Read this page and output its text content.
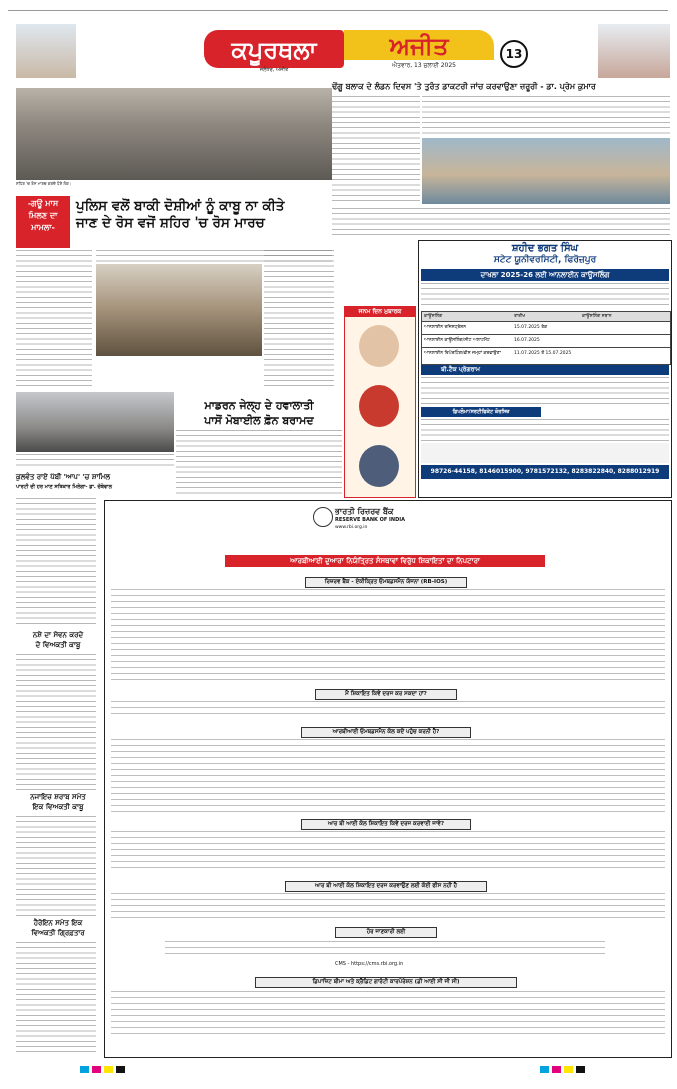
ਕਪੂਰਥਲਾ	ਅਜੀਤ
ਜਲੰਧਰ, ਅਜੀਤ
ਐਤਵਾਰ, 13 ਜੁਲਾਈ 2025
13
ਢੋਂਗੂ ਬਲਾਕ ਦੇ ਲੰਡਨ ਦਿਵਸ 'ਤੇ ਤੁਰੰਤ ਡਾਕਟਰੀ ਜਾਂਚ ਕਰਵਾਉਣਾ ਜ਼ਰੂਰੀ - ਡਾ. ਪ੍ਰੇਮ ਕੁਮਾਰ
ਸ਼ਹਿਰ 'ਚ ਰੋਸ ਮਾਰਚ ਕਰਦੇ ਹੋਏ ਲੋਕ।
-ਗਊ ਮਾਸ ਮਿਲਣ ਦਾ ਮਾਮਲਾ-
ਪੁਲਿਸ ਵਲੋਂ ਬਾਕੀ ਦੋਸ਼ੀਆਂ ਨੂੰ ਕਾਬੂ ਨਾ ਕੀਤੇ
ਜਾਣ ਦੇ ਰੋਸ ਵਜੋਂ ਸ਼ਹਿਰ 'ਚ ਰੋਸ ਮਾਰਚ
ਜਨਮ ਦਿਨ ਮੁਬਾਰਕ
ਮਾਡਰਨ ਜੇਲ੍ਹ ਦੇ ਹਵਾਲਾਤੀ
ਪਾਸੋਂ ਮੋਬਾਈਲ ਫ਼ੋਨ ਬਰਾਮਦ
ਕੁਲਵੰਤ ਰਾਏ ਪੱਬੀ 'ਆਪ' 'ਚ ਸ਼ਾਮਿਲ
ਪਾਰਟੀ ਦੀ ਹਰ ਮਾਣ ਸਤਿਕਾਰ ਮਿਲੇਗਾ- ਡਾ. ਚੱਬੇਵਾਲ
ਸ਼ਹੀਦ ਭਗਤ ਸਿੰਘ
ਸਟੇਟ ਯੂਨੀਵਰਸਿਟੀ, ਫਿਰੋਜ਼ਪੁਰ
ਦਾਖਲਾ 2025-26 ਲਈ ਆਨਲਾਈਨ ਕਾਊਂਸਲਿੰਗ
ਕਾਊਂਸਲਿੰਗ	ਤਾਰੀਖ	ਕਾਊਂਸਲਿੰਗ ਸਥਾਨ
ਆਨਲਾਈਨ ਰਜਿਸਟ੍ਰੇਸ਼ਨ	15.07.2025 ਤੱਕ
ਆਨਲਾਈਨ ਕਾਊਂਸਲਿੰਗ/ਸੀਟ ਅਲਾਟਮੈਂਟ	16.07.2025
ਆਨਲਾਈਨ ਰਿਪੋਰਟਿੰਗ/ਫੀਸ ਜਮ੍ਹਾਂ ਕਰਵਾਉਣਾ	11.07.2025 ਤੋਂ 15.07.2025
ਬੀ.ਟੈਕ ਪ੍ਰੋਗਰਾਮ
ਡਿਪਲੋਮਾ/ਸਰਟੀਫਿਕੇਟ ਕੋਰਸਿਜ਼
98726-44158, 8146015900, 9781572132, 8283822840, 8288012919
ਨਸ਼ੇ ਦਾ ਸੇਵਨ ਕਰਦੇ
ਦੋ ਵਿਅਕਤੀ ਕਾਬੂ
ਨਜਾਇਜ਼ ਸ਼ਰਾਬ ਸਮੇਤ
ਇਕ ਵਿਅਕਤੀ ਕਾਬੂ
ਹੈਰੋਇਨ ਸਮੇਤ ਇਕ
ਵਿਅਕਤੀ ਗ੍ਰਿਫ਼ਤਾਰ
ਭਾਰਤੀ ਰਿਜ਼ਰਵ ਬੈਂਕ
RESERVE BANK OF INDIA
www.rbi.org.in
ਆਰਬੀਆਈ ਦੁਆਰਾ ਨਿਯੰਤ੍ਰਿਤ ਸੰਸਥਾਵਾਂ ਵਿਰੁੱਧ ਸ਼ਿਕਾਇਤਾਂ ਦਾ ਨਿਪਟਾਰਾ
ਰਿਜ਼ਰਵ ਬੈਂਕ - ਏਕੀਕ੍ਰਿਤ ਓਮਬਡਸਮੈਨ ਯੋਜਨਾ (RB-IOS)
ਮੈਂ ਸ਼ਿਕਾਇਤ ਕਿਵੇਂ ਦਰਜ ਕਰ ਸਕਦਾ ਹਾਂ?
ਆਰਬੀਆਈ ਓਮਬਡਸਮੈਨ ਕੋਲ ਕਦੋਂ ਪਹੁੰਚ ਕਰਨੀ ਹੈ?
ਆਰ ਬੀ ਆਈ ਕੋਲ ਸ਼ਿਕਾਇਤ ਕਿਵੇਂ ਦਰਜ ਕਰਵਾਈ ਜਾਵੇ?
ਆਰ ਬੀ ਆਈ ਕੋਲ ਸ਼ਿਕਾਇਤ ਦਰਜ ਕਰਵਾਉਣ ਲਈ ਕੋਈ ਫੀਸ ਨਹੀਂ ਹੈ
ਹੋਰ ਜਾਣਕਾਰੀ ਲਈ
CMS - https://cms.rbi.org.in
ਡਿਪਾਜ਼ਿਟ ਬੀਮਾ ਅਤੇ ਕ੍ਰੈਡਿਟ ਗਾਰੰਟੀ ਕਾਰਪੋਰੇਸ਼ਨ (ਡੀ ਆਈ ਸੀ ਜੀ ਸੀ)
